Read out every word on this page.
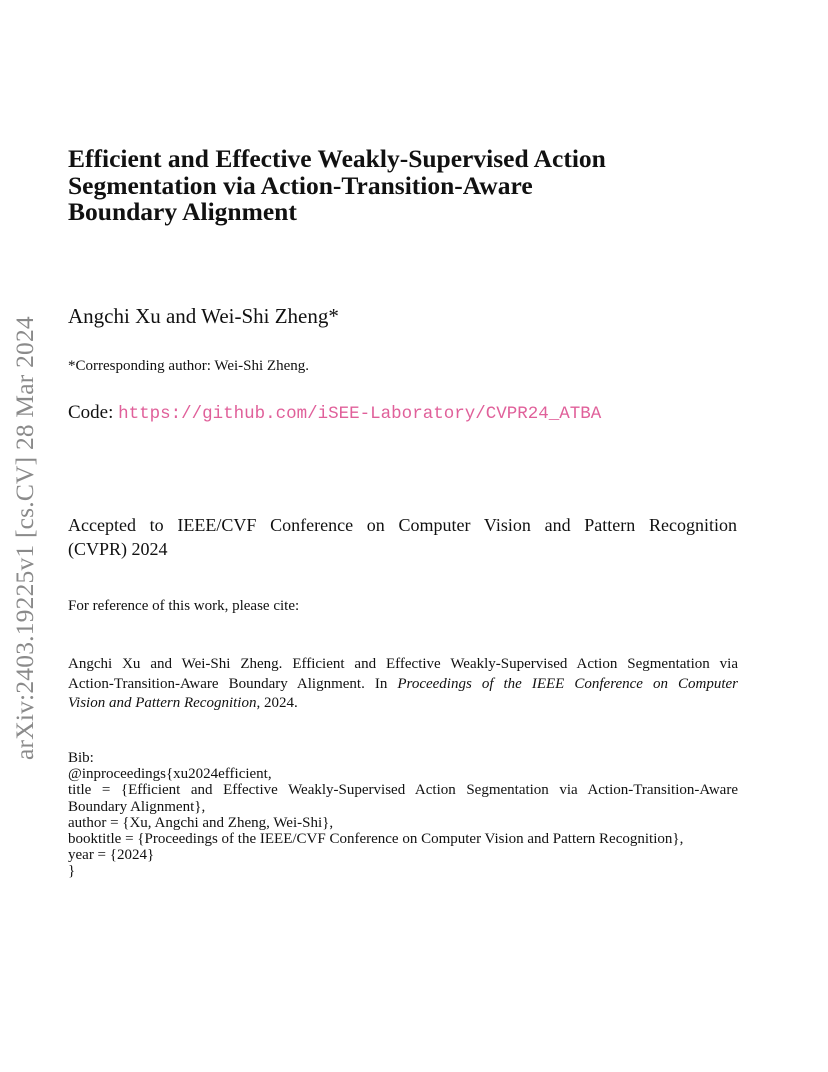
arXiv:2403.19225v1 [cs.CV] 28 Mar 2024
Efficient and Effective Weakly-Supervised Action
Segmentation via Action-Transition-Aware
Boundary Alignment
Angchi Xu and Wei-Shi Zheng*
*Corresponding author: Wei-Shi Zheng.
Code: https://github.com/iSEE-Laboratory/CVPR24_ATBA
Accepted to IEEE/CVF Conference on Computer Vision and Pattern Recognition
(CVPR) 2024
For reference of this work, please cite:
Angchi Xu and Wei-Shi Zheng. Efficient and Effective Weakly-Supervised Action Segmentation via
Action-Transition-Aware Boundary Alignment. In Proceedings of the IEEE Conference on Computer
Vision and Pattern Recognition, 2024.
Bib:
@inproceedings{xu2024efficient,
title = {Efficient and Effective Weakly-Supervised Action Segmentation via Action-Transition-Aware
Boundary Alignment},
author = {Xu, Angchi and Zheng, Wei-Shi},
booktitle = {Proceedings of the IEEE/CVF Conference on Computer Vision and Pattern Recognition},
year = {2024}
}
